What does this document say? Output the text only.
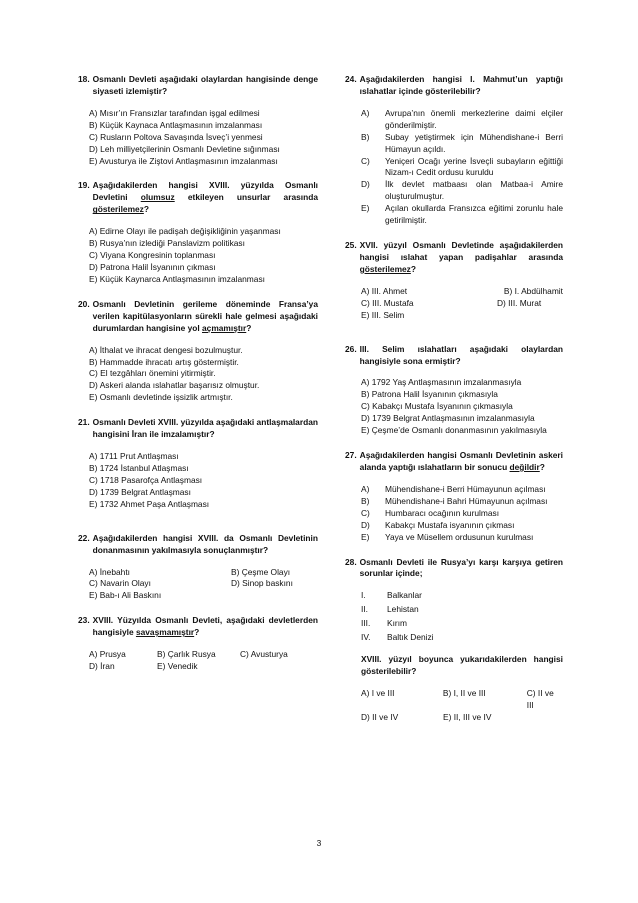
18. Osmanlı Devleti aşağıdaki olaylardan hangisinde denge siyaseti izlemiştir?
A) Mısır’ın Fransızlar tarafından işgal edilmesi
B) Küçük Kaynaca Antlaşmasının imzalanması
C) Rusların Poltova Savaşında İsveç’i yenmesi
D) Leh milliyetçilerinin Osmanlı Devletine sığınması
E) Avusturya ile Ziştovi Antlaşmasının imzalanması
19. Aşağıdakilerden hangisi XVIII. yüzyılda Osmanlı Devletini olumsuz etkileyen unsurlar arasında gösterilemez?
A) Edirne Olayı ile padişah değişikliğinin yaşanması
B) Rusya’nın izlediği Panslavizm politikası
C) Viyana Kongresinin toplanması
D) Patrona Halil İsyanının çıkması
E) Küçük Kaynarca Antlaşmasının imzalanması
20. Osmanlı Devletinin gerileme döneminde Fransa’ya verilen kapitülasyonların sürekli hale gelmesi aşağıdaki durumlardan hangisine yol açmamıştır?
A) İthalat ve ihracat dengesi bozulmuştur.
B) Hammadde ihracatı artış göstermiştir.
C) El tezgâhları önemini yitirmiştir.
D) Askeri alanda ıslahatlar başarısız olmuştur.
E) Osmanlı devletinde işsizlik artmıştır.
21. Osmanlı Devleti XVIII. yüzyılda aşağıdaki antlaşmalardan hangisini İran ile imzalamıştır?
A) 1711 Prut Antlaşması
B) 1724 İstanbul Atlaşması
C) 1718 Pasarofça Antlaşması
D) 1739 Belgrat Antlaşması
E) 1732 Ahmet Paşa Antlaşması
22. Aşağıdakilerden hangisi XVIII. da Osmanlı Devletinin donanmasının yakılmasıyla sonuçlanmıştır?
A) İnebahtı	B) Çeşme Olayı
C) Navarin Olayı	D) Sinop baskını
E) Bab-ı Ali Baskını
23. XVIII. Yüzyılda Osmanlı Devleti, aşağıdaki devletlerden hangisiyle savaşmamıştır?
A) Prusya	B) Çarlık Rusya	C) Avusturya
D) İran	E) Venedik
24. Aşağıdakilerden hangisi I. Mahmut’un yaptığı ıslahatlar içinde gösterilebilir?
A)	Avrupa’nın önemli merkezlerine daimi elçiler gönderilmiştir.
B)	Subay yetiştirmek için Mühendishane-i Berri Hümayun açıldı.
C)	Yeniçeri Ocağı yerine İsveçli subayların eğittiği Nizam-ı Cedit ordusu kuruldu
D)	İlk devlet matbaası olan Matbaa-i Amire oluşturulmuştur.
E)	Açılan okullarda Fransızca eğitimi zorunlu hale getirilmiştir.
25. XVII. yüzyıl Osmanlı Devletinde aşağıdakilerden hangisi ıslahat yapan padişahlar arasında gösterilemez?
A) III. Ahmet	B) I. Abdülhamit
C) III. Mustafa	D) III. Murat
E) III. Selim
26. III. Selim ıslahatları aşağıdaki olaylardan hangisiyle sona ermiştir?
A) 1792 Yaş Antlaşmasının imzalanmasıyla
B) Patrona Halil İsyanının çıkmasıyla
C) Kabakçı Mustafa İsyanının çıkmasıyla
D) 1739 Belgrat Antlaşmasının imzalanmasıyla
E) Çeşme’de Osmanlı donanmasının yakılmasıyla
27. Aşağıdakilerden hangisi Osmanlı Devletinin askeri alanda yaptığı ıslahatların bir sonucu değildir?
A)	Mühendishane-i Berri Hümayunun açılması
B)	Mühendishane-i Bahri Hümayunun açılması
C)	Humbaracı ocağının kurulması
D)	Kabakçı Mustafa isyanının çıkması
E)	Yaya ve Müsellem ordusunun kurulması
28. Osmanlı Devleti ile Rusya’yı karşı karşıya getiren sorunlar içinde;
I.	Balkanlar
II.	Lehistan
III.	Kırım
IV.	Baltık Denizi
XVIII. yüzyıl boyunca yukarıdakilerden hangisi gösterilebilir?
A) I ve III	B) I, II ve III	C) II ve III
D) II ve IV	E) II, III ve IV
3
